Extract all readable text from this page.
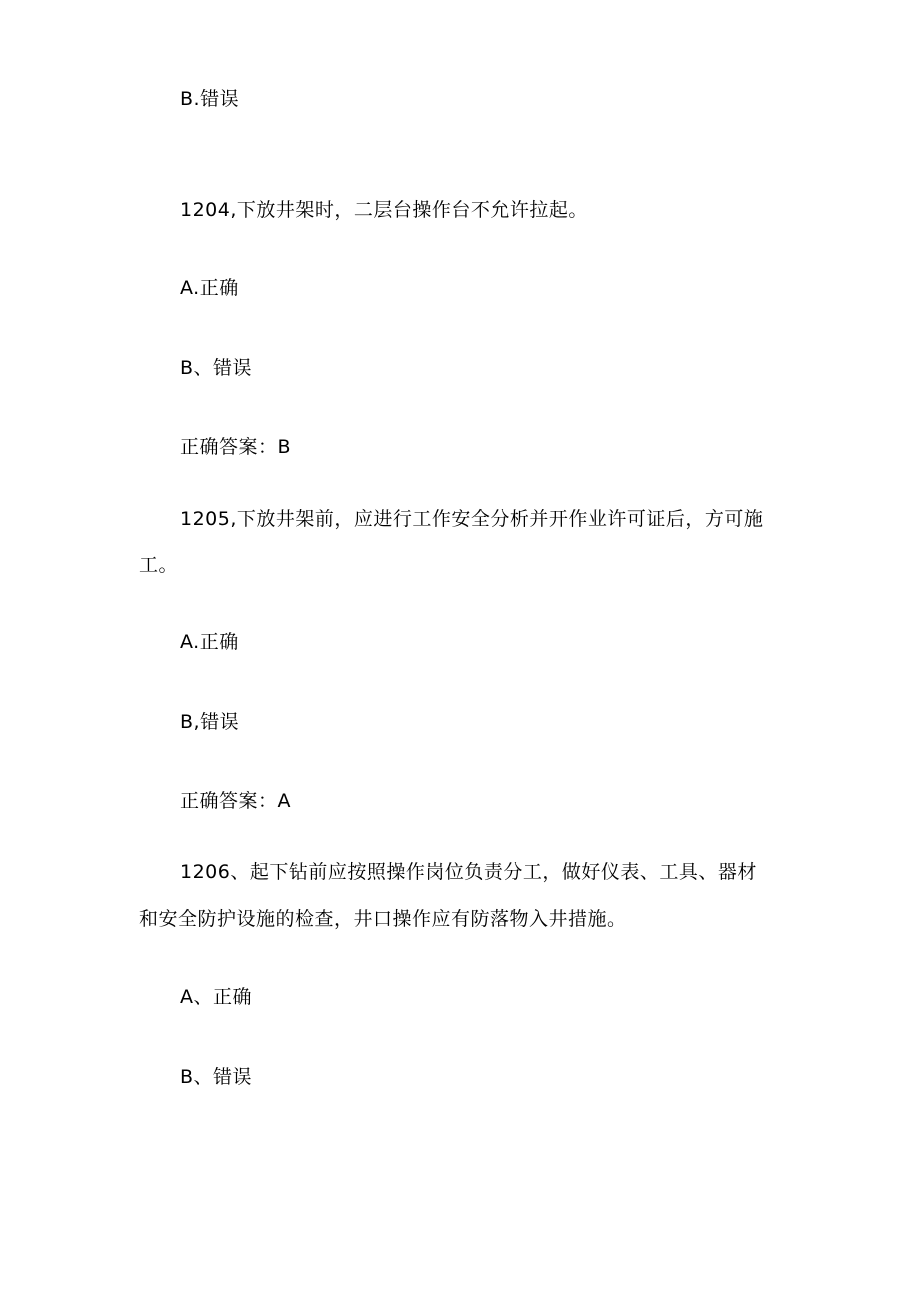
B.错误
1204,下放井架时，二层台操作台不允许拉起。
A.正确
B、错误
正确答案：B
1205,下放井架前，应进行工作安全分析并开作业许可证后，方可施
工。
A.正确
B,错误
正确答案：A
1206、起下钻前应按照操作岗位负责分工，做好仪表、工具、器材
和安全防护设施的检查，井口操作应有防落物入井措施。
A、正确
B、错误
